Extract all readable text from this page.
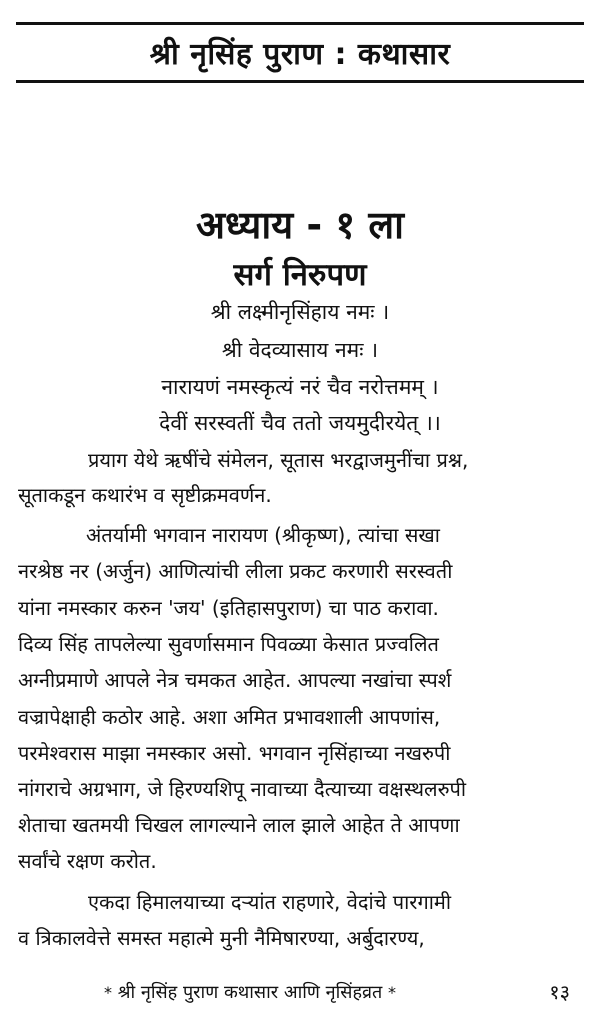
श्री नृसिंह पुराण : कथासार
अध्याय - १ ला
सर्ग निरुपण
श्री लक्ष्मीनृसिंहाय नमः ।
श्री वेदव्यासाय नमः ।
नारायणं नमस्कृत्यं नरं चैव नरोत्तमम् ।
देवीं सरस्वतीं चैव ततो जयमुदीरयेत् ।।
प्रयाग येथे ऋषींचे संमेलन, सूतास भरद्वाजमुनींचा प्रश्न,
सूताकडून कथारंभ व सृष्टीक्रमवर्णन.
अंतर्यामी भगवान नारायण (श्रीकृष्ण), त्यांचा सखा
नरश्रेष्ठ नर (अर्जुन) आणित्यांची लीला प्रकट करणारी सरस्वती
यांना नमस्कार करुन 'जय' (इतिहासपुराण) चा पाठ करावा.
दिव्य सिंह तापलेल्या सुवर्णासमान पिवळ्या केसात प्रज्वलित
अग्नीप्रमाणे आपले नेत्र चमकत आहेत. आपल्या नखांचा स्पर्श
वज्रापेक्षाही कठोर आहे. अशा अमित प्रभावशाली आपणांस,
परमेश्वरास माझा नमस्कार असो. भगवान नृसिंहाच्या नखरुपी
नांगराचे अग्रभाग, जे हिरण्यशिपू नावाच्या दैत्याच्या वक्षस्थलरुपी
शेताचा खतमयी चिखल लागल्याने लाल झाले आहेत ते आपणा
सर्वांचे रक्षण करोत.
एकदा हिमालयाच्या दऱ्यांत राहणारे, वेदांचे पारगामी
व त्रिकालवेत्ते समस्त महात्मे मुनी नैमिषारण्या, अर्बुदारण्य,
* श्री नृसिंह पुराण कथासार आणि नृसिंहव्रत *	१३
